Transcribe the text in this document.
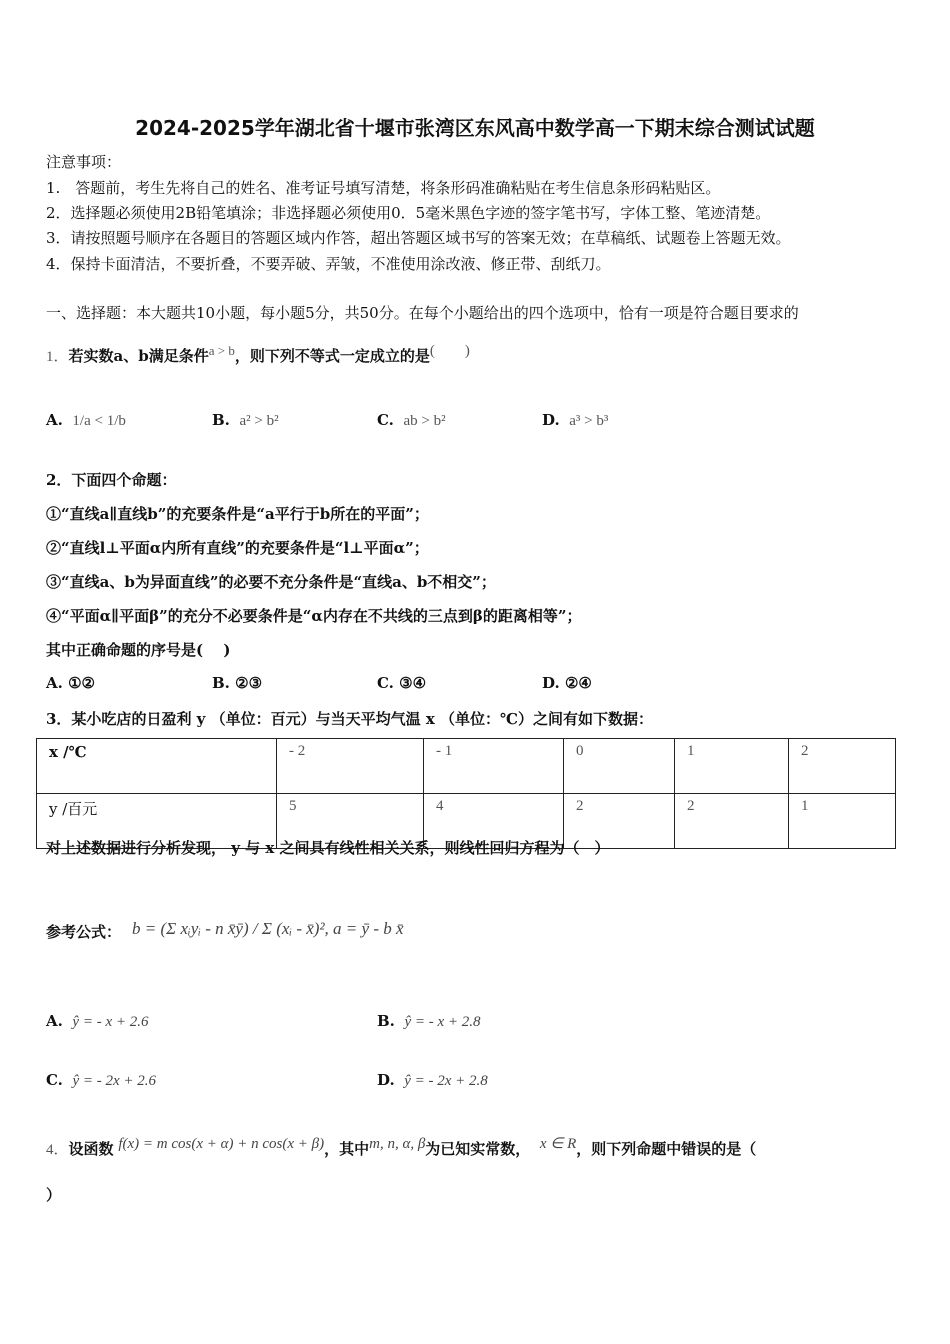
2024-2025学年湖北省十堰市张湾区东风高中数学高一下期末综合测试试题
注意事项：
1.　答题前，考生先将自己的姓名、准考证号填写清楚，将条形码准确粘贴在考生信息条形码粘贴区。
2．选择题必须使用2B铅笔填涂；非选择题必须使用0．5毫米黑色字迹的签字笔书写，字体工整、笔迹清楚。
3．请按照题号顺序在各题目的答题区域内作答，超出答题区域书写的答案无效；在草稿纸、试题卷上答题无效。
4．保持卡面清洁，不要折叠，不要弄破、弄皱，不准使用涂改液、修正带、刮纸刀。
一、选择题：本大题共10小题，每小题5分，共50分。在每个小题给出的四个选项中，恰有一项是符合题目要求的
1．若实数a、b满足条件a > b，则下列不等式一定成立的是(　　)
A. 1/a < 1/b	B. a² > b²	C. ab > b²	D. a³ > b³
2．下面四个命题：
①“直线a∥直线b”的充要条件是“a平行于b所在的平面”；
②“直线l⊥平面α内所有直线”的充要条件是“l⊥平面α”；
③“直线a、b为异面直线”的必要不充分条件是“直线a、b不相交”；
④“平面α∥平面β”的充分不必要条件是“α内存在不共线的三点到β的距离相等”；
其中正确命题的序号是(　 )
A. ①②	B. ②③	C. ③④	D. ②④
3．某小吃店的日盈利 y （单位：百元）与当天平均气温 x （单位：℃）之间有如下数据：
x /℃	- 2	- 1	0	1	2
y /百元	5	4	2	2	1
对上述数据进行分析发现， y 与 x 之间具有线性相关关系，则线性回归方程为（　）
参考公式： b = (Σ xᵢyᵢ - n x̄ȳ) / Σ (xᵢ - x̄)², a = ȳ - b x̄
A. ŷ = - x + 2.6	B. ŷ = - x + 2.8
C. ŷ = - 2x + 2.6	D. ŷ = - 2x + 2.8
4．设函数 f(x) = m cos(x + α) + n cos(x + β)，其中m, n, α, β为已知实常数， x ∈ R，则下列命题中错误的是（
）
